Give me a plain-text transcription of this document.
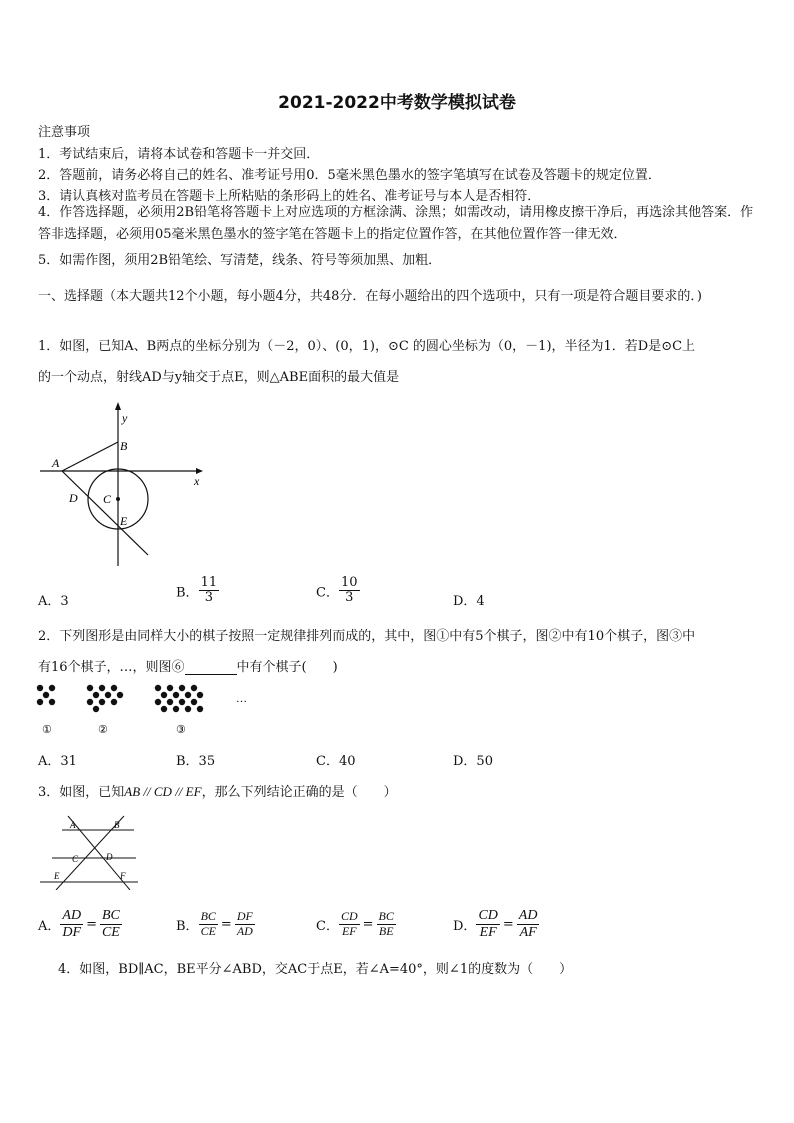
2021-2022中考数学模拟试卷
注意事项
1．考试结束后，请将本试卷和答题卡一并交回．
2．答题前，请务必将自己的姓名、准考证号用0．5毫米黑色墨水的签字笔填写在试卷及答题卡的规定位置．
3．请认真核对监考员在答题卡上所粘贴的条形码上的姓名、准考证号与本人是否相符．
4．作答选择题，必须用2B铅笔将答题卡上对应选项的方框涂满、涂黑；如需改动，请用橡皮擦干净后，再选涂其他答案．作答非选择题，必须用05毫米黑色墨水的签字笔在答题卡上的指定位置作答，在其他位置作答一律无效．
5．如需作图，须用2B铅笔绘、写清楚，线条、符号等须加黑、加粗．
一、选择题（本大题共12个小题，每小题4分，共48分．在每小题给出的四个选项中，只有一项是符合题目要求的．)
1．如图，已知A、B两点的坐标分别为（－2，0）、(0，1)，⊙C 的圆心坐标为（0，－1)，半径为1．若D是⊙C上
的一个动点，射线AD与y轴交于点E，则△ABE面积的最大值是
y
x
B
A
D C
E
A．3
B． $\frac{11}{3}$	C． $\frac{10}{3}$	D．4
2．下列图形是由同样大小的棋子按照一定规律排列而成的，其中，图①中有5个棋子，图②中有10个棋子，图③中
有16个棋子，…，则图⑥	中有个棋子(　　)
…
①	②	③
A．31	B．35	C．40	D．50
3．如图，已知AB // CD // EF，那么下列结论正确的是（　　）
A	B
C	D
E	F
A． $\frac{AD}{DF} = \frac{BC}{CE}$	B． $\frac{BC}{CE} = \frac{DF}{AD}$	C． $\frac{CD}{EF} = \frac{BC}{BE}$	D． $\frac{CD}{EF} = \frac{AD}{AF}$
4．如图，BD∥AC，BE平分∠ABD，交AC于点E，若∠A=40°，则∠1的度数为（　　）
